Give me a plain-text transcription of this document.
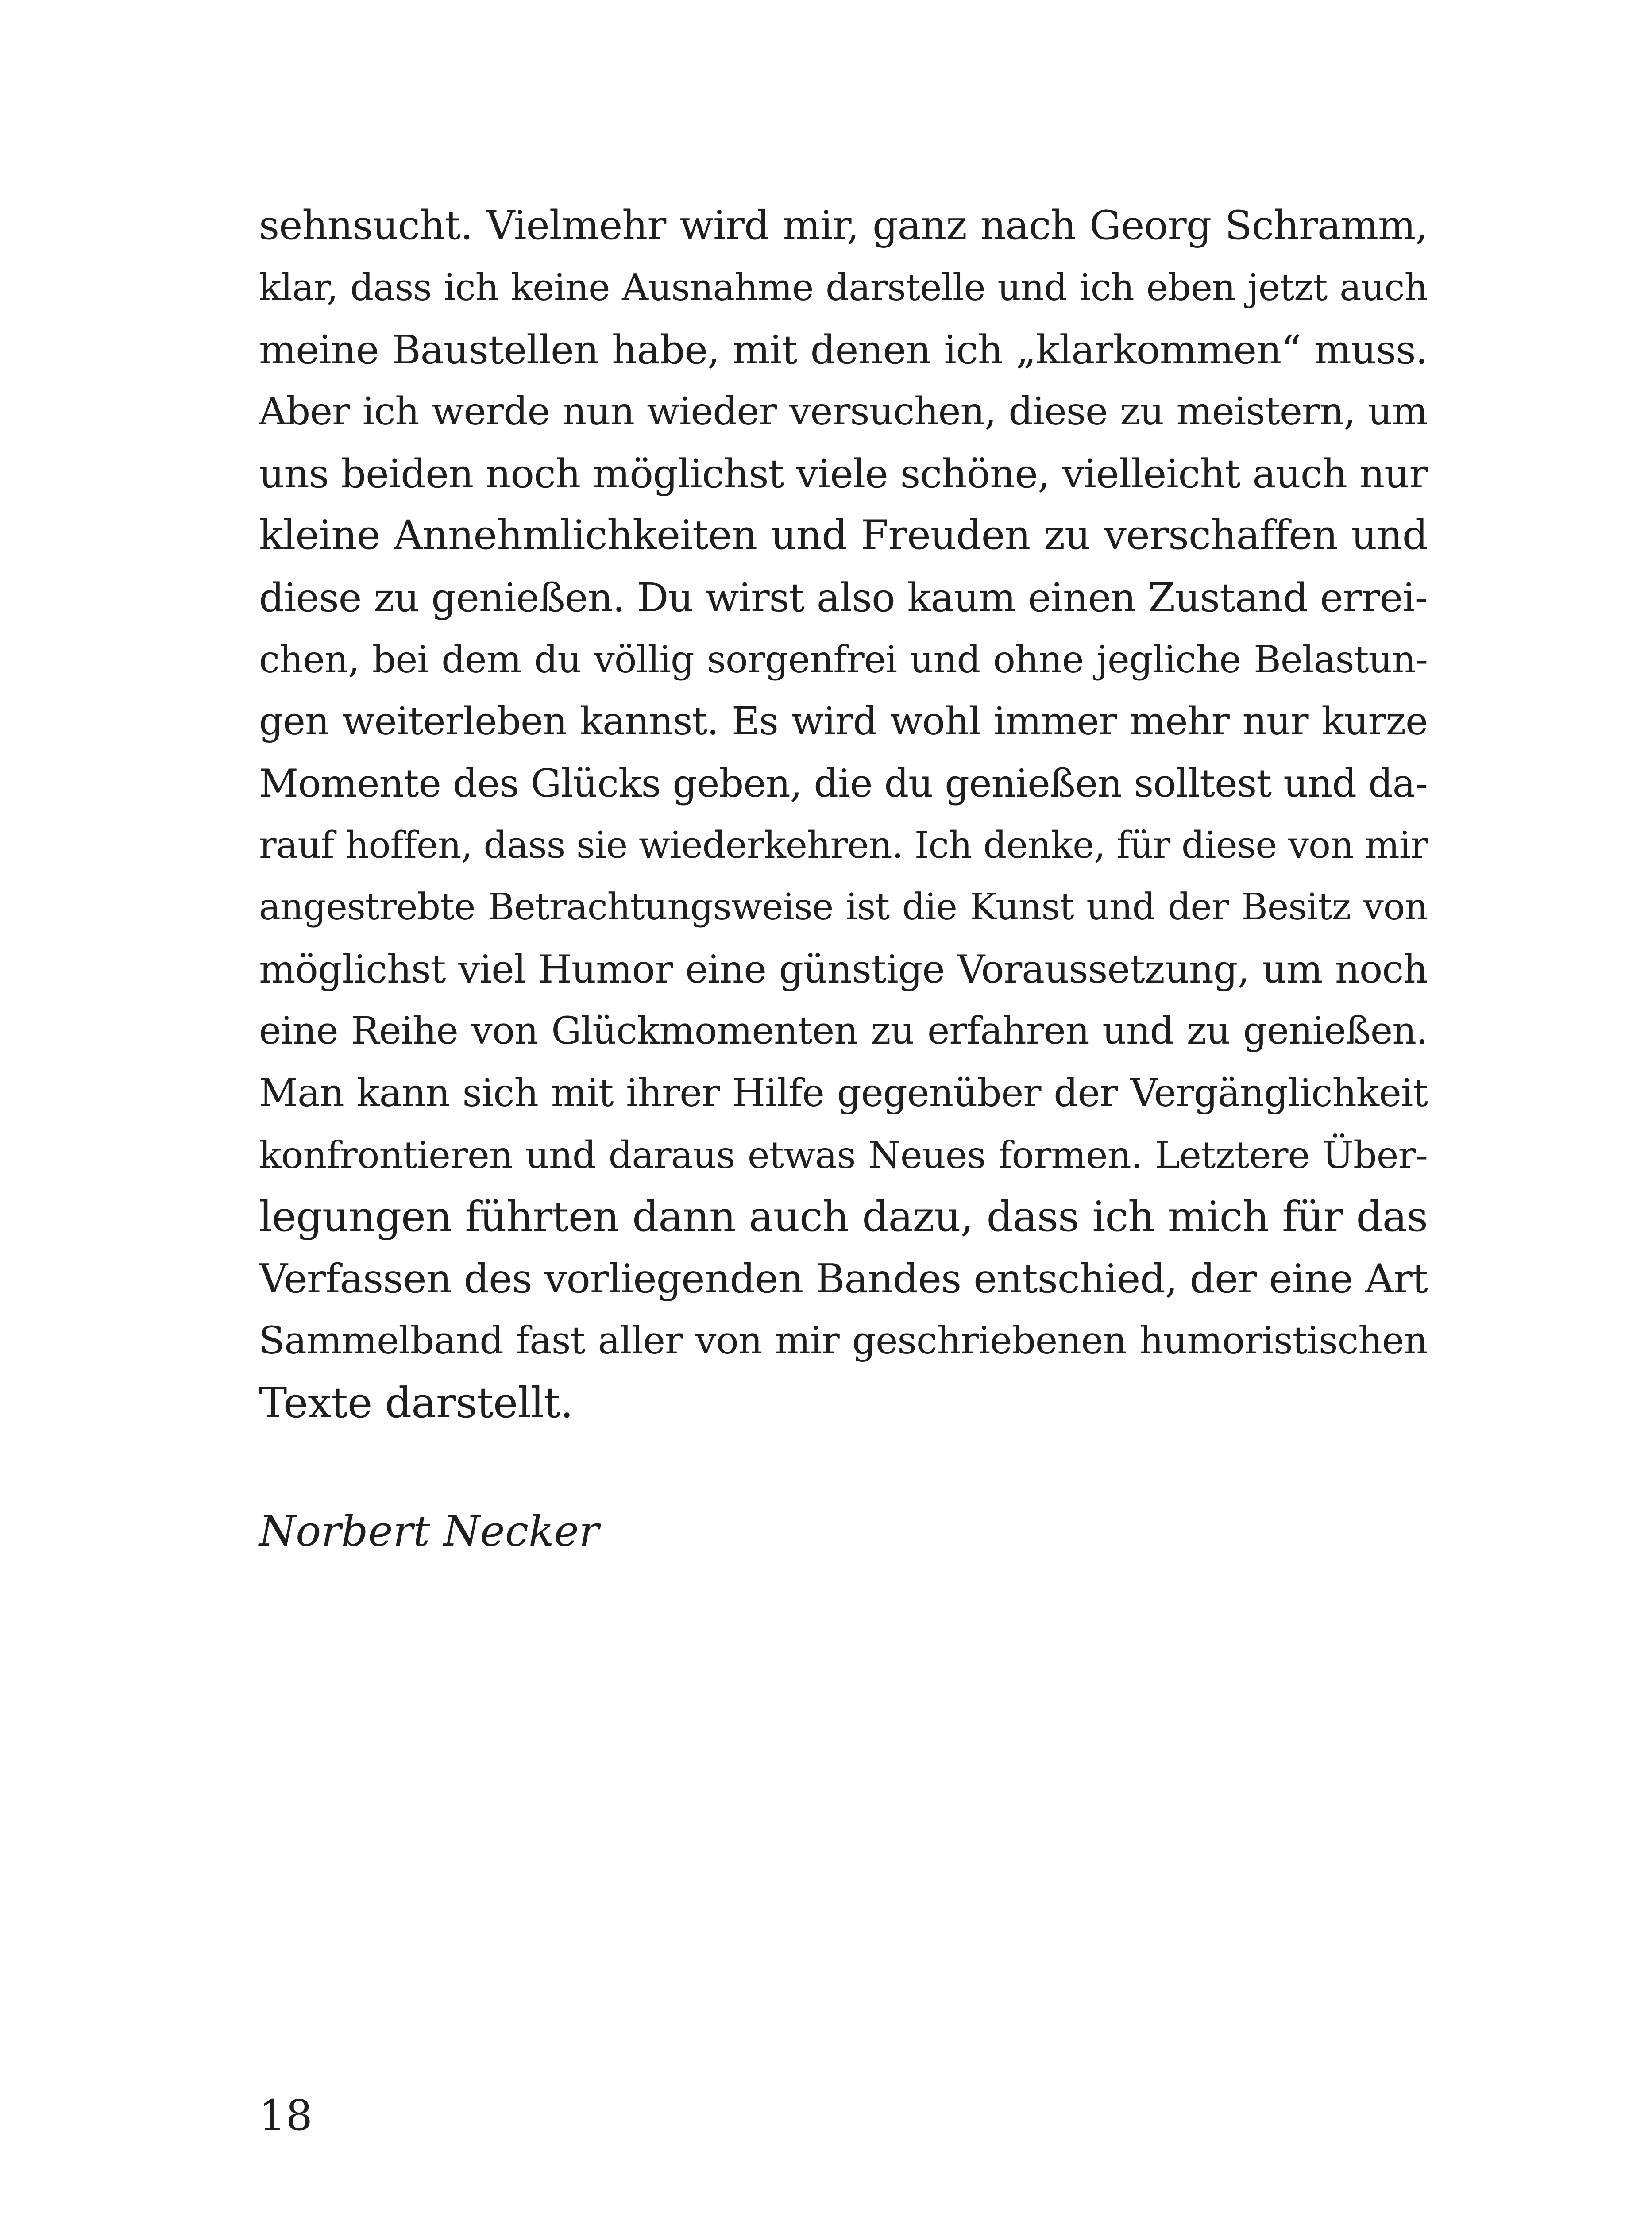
sehnsucht. Vielmehr wird mir, ganz nach Georg Schramm,
klar, dass ich keine Ausnahme darstelle und ich eben jetzt auch
meine Baustellen habe, mit denen ich „klarkommen“ muss.
Aber ich werde nun wieder versuchen, diese zu meistern, um
uns beiden noch möglichst viele schöne, vielleicht auch nur
kleine Annehmlichkeiten und Freuden zu verschaffen und
diese zu genießen. Du wirst also kaum einen Zustand errei-
chen, bei dem du völlig sorgenfrei und ohne jegliche Belastun-
gen weiterleben kannst. Es wird wohl immer mehr nur kurze
Momente des Glücks geben, die du genießen solltest und da-
rauf hoffen, dass sie wiederkehren. Ich denke, für diese von mir
angestrebte Betrachtungsweise ist die Kunst und der Besitz von
möglichst viel Humor eine günstige Voraussetzung, um noch
eine Reihe von Glückmomenten zu erfahren und zu genießen.
Man kann sich mit ihrer Hilfe gegenüber der Vergänglichkeit
konfrontieren und daraus etwas Neues formen. Letztere Über-
legungen führten dann auch dazu, dass ich mich für das
Verfassen des vorliegenden Bandes entschied, der eine Art
Sammelband fast aller von mir geschriebenen humoristischen
Texte darstellt.
Norbert Necker
18
